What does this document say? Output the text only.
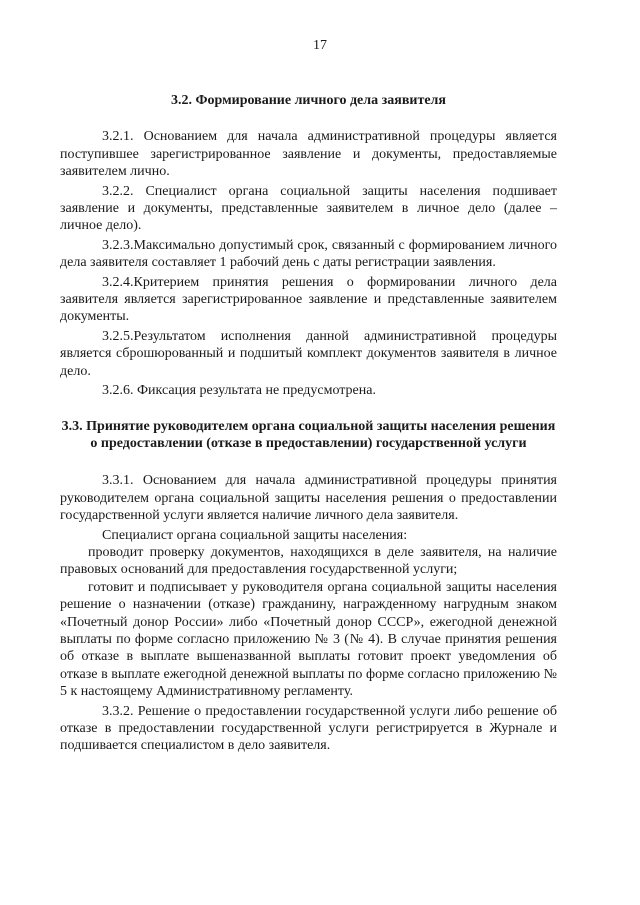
17

3.2. Формирование личного дела заявителя

3.2.1. Основанием для начала административной процедуры является поступившее зарегистрированное заявление и документы, предоставляемые заявителем лично.

3.2.2. Специалист органа социальной защиты населения подшивает заявление и документы, представленные заявителем в личное дело (далее – личное дело).

3.2.3.Максимально допустимый срок, связанный с формированием личного дела заявителя составляет 1 рабочий день с даты регистрации заявления.

3.2.4.Критерием принятия решения о формировании личного дела заявителя является зарегистрированное заявление и представленные заявителем документы.

3.2.5.Результатом исполнения данной административной процедуры является сброшюрованный и подшитый комплект документов заявителя в личное дело.

3.2.6. Фиксация результата не предусмотрена.

3.3. Принятие руководителем органа социальной защиты населения решения о предоставлении (отказе в предоставлении) государственной услуги

3.3.1. Основанием для начала административной процедуры принятия руководителем органа социальной защиты населения решения о предоставлении государственной услуги является наличие личного дела заявителя.

Специалист органа социальной защиты населения:

проводит проверку документов, находящихся в деле заявителя, на наличие правовых оснований для предоставления государственной услуги;

готовит и подписывает у руководителя органа социальной защиты населения решение о назначении (отказе) гражданину, награжденному нагрудным знаком «Почетный донор России» либо «Почетный донор СССР», ежегодной денежной выплаты по форме согласно приложению № 3 (№ 4). В случае принятия решения об отказе в выплате вышеназванной выплаты готовит проект уведомления об отказе в выплате ежегодной денежной выплаты по форме согласно приложению № 5 к настоящему Административному регламенту.

3.3.2. Решение о предоставлении государственной услуги либо решение об отказе в предоставлении государственной услуги регистрируется в Журнале и подшивается специалистом в дело заявителя.
